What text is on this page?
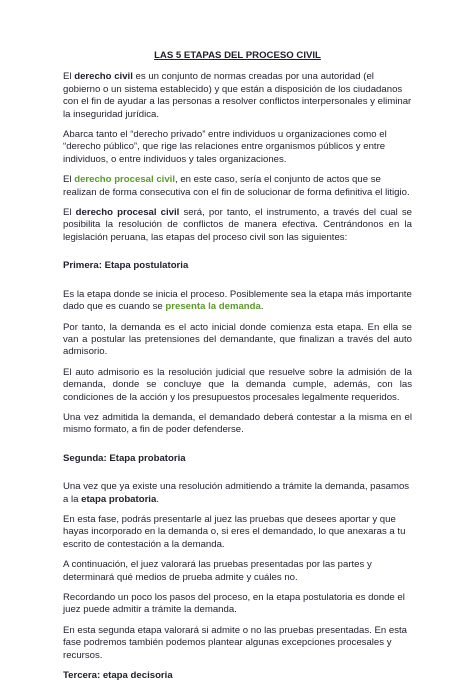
LAS 5 ETAPAS DEL PROCESO CIVIL

El derecho civil es un conjunto de normas creadas por una autoridad (el gobierno o un sistema establecido) y que están a disposición de los ciudadanos con el fin de ayudar a las personas a resolver conflictos interpersonales y eliminar la inseguridad jurídica.

Abarca tanto el “derecho privado” entre individuos u organizaciones como el “derecho público”, que rige las relaciones entre organismos públicos y entre individuos, o entre individuos y tales organizaciones.

El derecho procesal civil, en este caso, sería el conjunto de actos que se realizan de forma consecutiva con el fin de solucionar de forma definitiva el litigio.

El derecho procesal civil será, por tanto, el instrumento, a través del cual se posibilita la resolución de conflictos de manera efectiva. Centrándonos en la legislación peruana, las etapas del proceso civil son las siguientes:

Primera: Etapa postulatoria

Es la etapa donde se inicia el proceso. Posiblemente sea la etapa más importante dado que es cuando se presenta la demanda.

Por tanto, la demanda es el acto inicial donde comienza esta etapa. En ella se van a postular las pretensiones del demandante, que finalizan a través del auto admisorio.

El auto admisorio es la resolución judicial que resuelve sobre la admisión de la demanda, donde se concluye que la demanda cumple, además, con las condiciones de la acción y los presupuestos procesales legalmente requeridos.

Una vez admitida la demanda, el demandado deberá contestar a la misma en el mismo formato, a fin de poder defenderse.

Segunda: Etapa probatoria

Una vez que ya existe una resolución admitiendo a trámite la demanda, pasamos a la etapa probatoria.

En esta fase, podrás presentarle al juez las pruebas que desees aportar y que hayas incorporado en la demanda o, si eres el demandado, lo que anexaras a tu escrito de contestación a la demanda.

A continuación, el juez valorará las pruebas presentadas por las partes y determinará qué medios de prueba admite y cuáles no.

Recordando un poco los pasos del proceso, en la etapa postulatoria es donde el juez puede admitir a trámite la demanda.

En esta segunda etapa valorará si admite o no las pruebas presentadas. En esta fase podremos también podemos plantear algunas excepciones procesales y recursos.

Tercera: etapa decisoria
